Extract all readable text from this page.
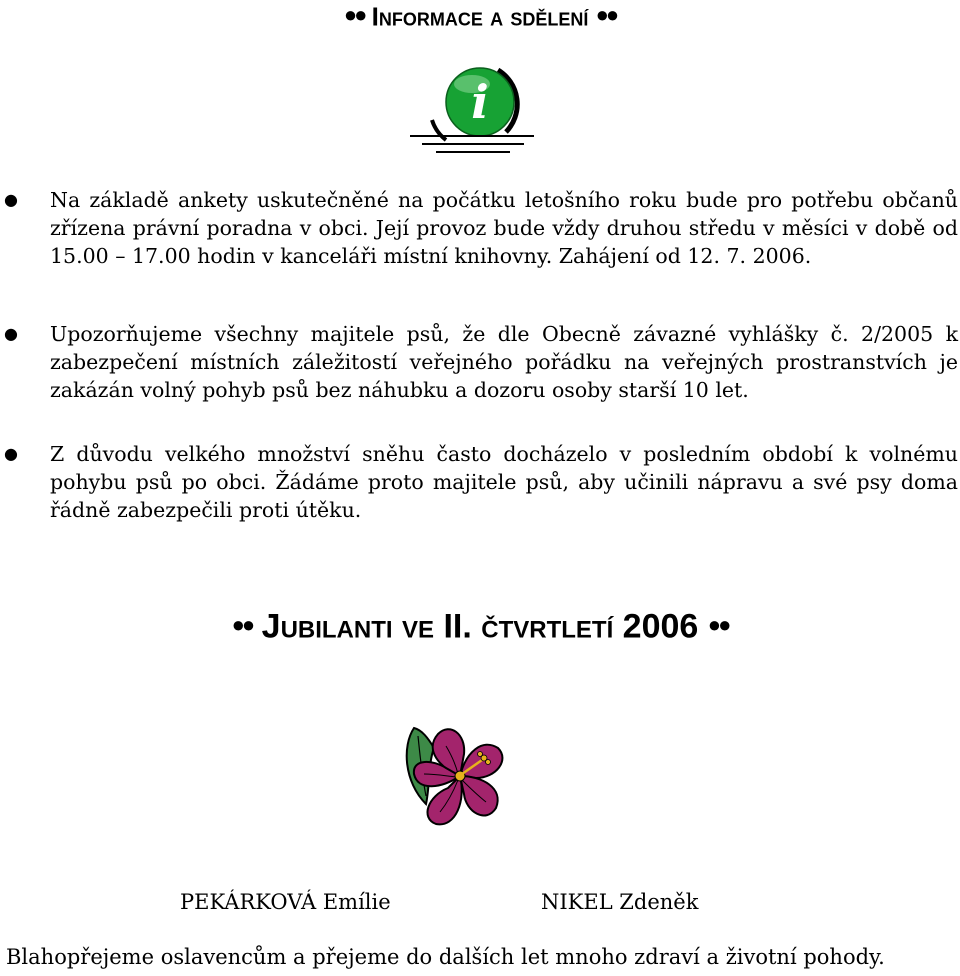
●● Informace a sdělení ●●
i
● Na základě ankety uskutečněné na počátku letošního roku bude pro potřebu občanů zřízena právní poradna v obci. Její provoz bude vždy druhou středu v měsíci v době od 15.00 – 17.00 hodin v kanceláři místní knihovny. Zahájení od 12. 7. 2006.

● Upozorňujeme všechny majitele psů, že dle Obecně závazné vyhlášky č. 2/2005 k zabezpečení místních záležitostí veřejného pořádku na veřejných prostranstvích je zakázán volný pohyb psů bez náhubku a dozoru osoby starší 10 let.

● Z důvodu velkého množství sněhu často docházelo v posledním období k volnému pohybu psů po obci. Žádáme proto majitele psů, aby učinili nápravu a své psy doma řádně zabezpečili proti útěku.

●● Jubilanti ve II. čtvrtletí 2006 ●●
PEKÁRKOVÁ Emílie	NIKEL Zdeněk
Blahopřejeme oslavencům a přejeme do dalších let mnoho zdraví a životní pohody.
